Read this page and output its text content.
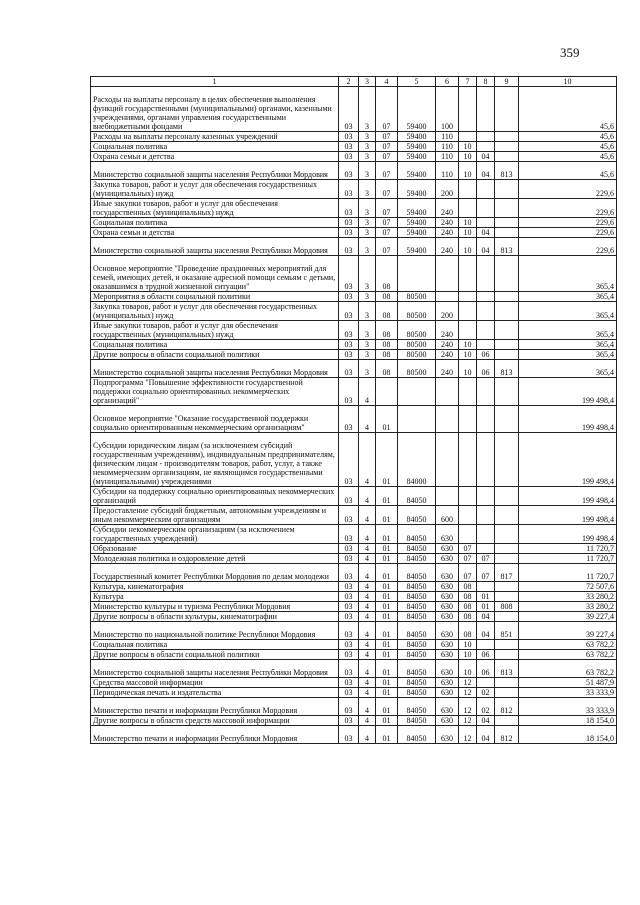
359
1	2	3	4	5	6	7	8	9	10
Расходы на выплаты персоналу в целях обеспечения выполнения функций государственными (муниципальными) органами, казенными учреждениями, органами управления государственными внебюджетными фондами	03	3	07	59400	100				45,6
Расходы на выплаты персоналу казенных учреждений	03	3	07	59400	110				45,6
Социальная политика	03	3	07	59400	110	10			45,6
Охрана семьи и детства	03	3	07	59400	110	10	04		45,6
Министерство социальной защиты населения Республики Мордовия	03	3	07	59400	110	10	04	813	45,6
Закупка товаров, работ и услуг для обеспечения государственных (муниципальных) нужд	03	3	07	59400	200				229,6
Иные закупки товаров, работ и услуг для обеспечения государственных (муниципальных) нужд	03	3	07	59400	240				229,6
Социальная политика	03	3	07	59400	240	10			229,6
Охрана семьи и детства	03	3	07	59400	240	10	04		229,6
Министерство социальной защиты населения Республики Мордовия	03	3	07	59400	240	10	04	813	229,6
Основное мероприятие "Проведение праздничных мероприятий для семей, имеющих детей, и оказание адресной помощи семьям с детьми, оказавшимся в трудной жизненной ситуации"	03	3	08						365,4
Мероприятия в области социальной политики	03	3	08	80500					365,4
Закупка товаров, работ и услуг для обеспечения государственных (муниципальных) нужд	03	3	08	80500	200				365,4
Иные закупки товаров, работ и услуг для обеспечения государственных (муниципальных) нужд	03	3	08	80500	240				365,4
Социальная политика	03	3	08	80500	240	10			365,4
Другие вопросы в области социальной политики	03	3	08	80500	240	10	06		365,4
Министерство социальной защиты населения Республики Мордовия	03	3	08	80500	240	10	06	813	365,4
Подпрограмма "Повышение эффективности государственной поддержки социально ориентированных некоммерческих организаций"	03	4							199 498,4
Основное мероприятие "Оказание государственной поддержки социально ориентированным некоммерческим организациям"	03	4	01						199 498,4
Субсидии юридическим лицам (за исключением субсидий государственным учреждениям), индивидуальным предпринимателям, физическим лицам - производителям товаров, работ, услуг, а также некоммерческим организациям, не являющимся государственными (муниципальными) учреждениями	03	4	01	84000					199 498,4
Субсидии на поддержку социально ориентированных некоммерческих организаций	03	4	01	84050					199 498,4
Предоставление субсидий бюджетным, автономным учреждениям и иным некоммерческим организациям	03	4	01	84050	600				199 498,4
Субсидии некоммерческим организациям (за исключением государственных учреждений)	03	4	01	84050	630				199 498,4
Образование	03	4	01	84050	630	07			11 720,7
Молодежная политика и оздоровление детей	03	4	01	84050	630	07	07		11 720,7
Государственный комитет Республики Мордовия по делам молодежи	03	4	01	84050	630	07	07	817	11 720,7
Культура, кинематография	03	4	01	84050	630	08			72 507,6
Культура	03	4	01	84050	630	08	01		33 280,2
Министерство культуры и туризма Республики Мордовия	03	4	01	84050	630	08	01	808	33 280,2
Другие вопросы в области культуры, кинематографии	03	4	01	84050	630	08	04		39 227,4
Министерство по национальной политике Республики Мордовия	03	4	01	84050	630	08	04	851	39 227,4
Социальная политика	03	4	01	84050	630	10			63 782,2
Другие вопросы в области социальной политики	03	4	01	84050	630	10	06		63 782,2
Министерство социальной защиты населения Республики Мордовия	03	4	01	84050	630	10	06	813	63 782,2
Средства массовой информации	03	4	01	84050	630	12			51 487,9
Периодическая печать и издательства	03	4	01	84050	630	12	02		33 333,9
Министерство печати и информации Республики Мордовия	03	4	01	84050	630	12	02	812	33 333,9
Другие вопросы в области средств массовой информации	03	4	01	84050	630	12	04		18 154,0
Министерство печати и информации Республики Мордовия	03	4	01	84050	630	12	04	812	18 154,0
